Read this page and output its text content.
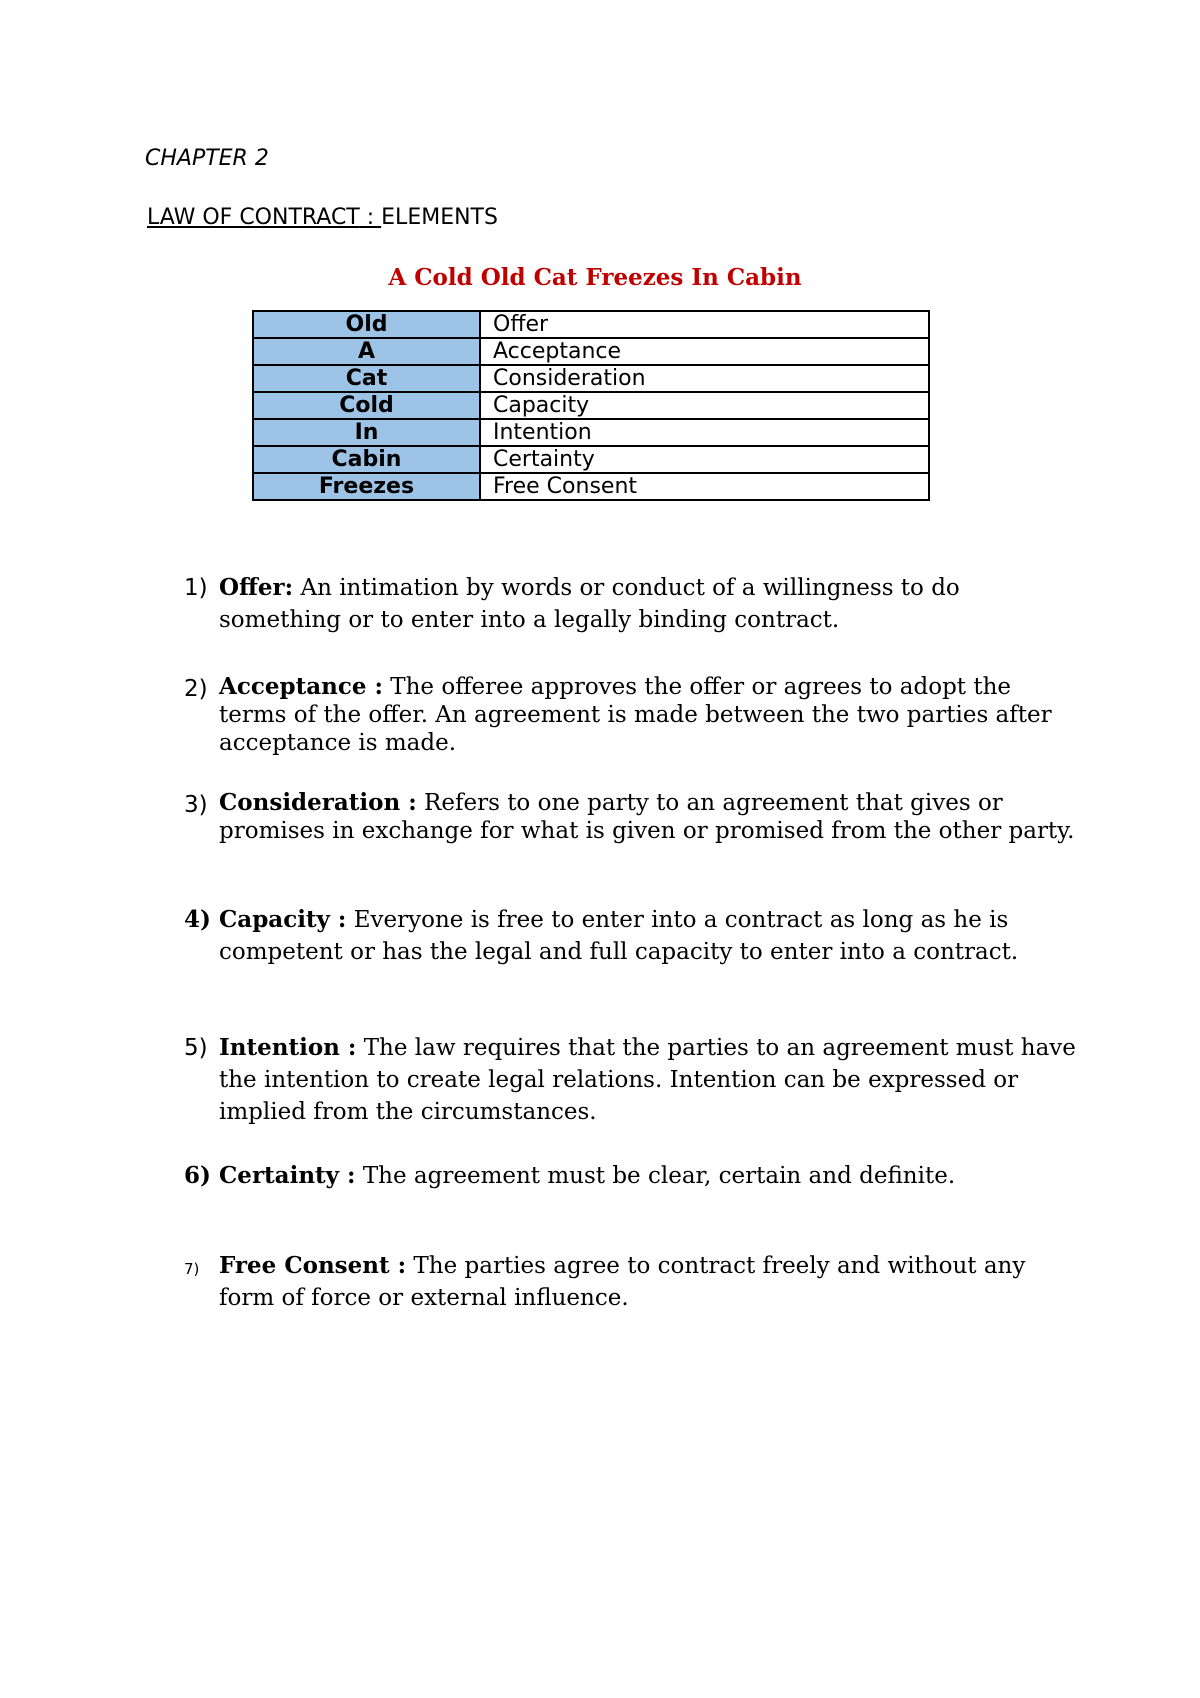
CHAPTER 2
LAW OF CONTRACT : ELEMENTS
A Cold Old Cat Freezes In Cabin
Old	Offer
A	Acceptance
Cat	Consideration
Cold	Capacity
In	Intention
Cabin	Certainty
Freezes	Free Consent
1) Offer: An intimation by words or conduct of a willingness to do something or to enter into a legally binding contract.
2) Acceptance : The offeree approves the offer or agrees to adopt the terms of the offer. An agreement is made between the two parties after acceptance is made.
3) Consideration : Refers to one party to an agreement that gives or promises in exchange for what is given or promised from the other party.
4) Capacity : Everyone is free to enter into a contract as long as he is competent or has the legal and full capacity to enter into a contract.
5) Intention : The law requires that the parties to an agreement must have the intention to create legal relations. Intention can be expressed or implied from the circumstances.
6) Certainty : The agreement must be clear, certain and definite.
7) Free Consent : The parties agree to contract freely and without any form of force or external influence.
